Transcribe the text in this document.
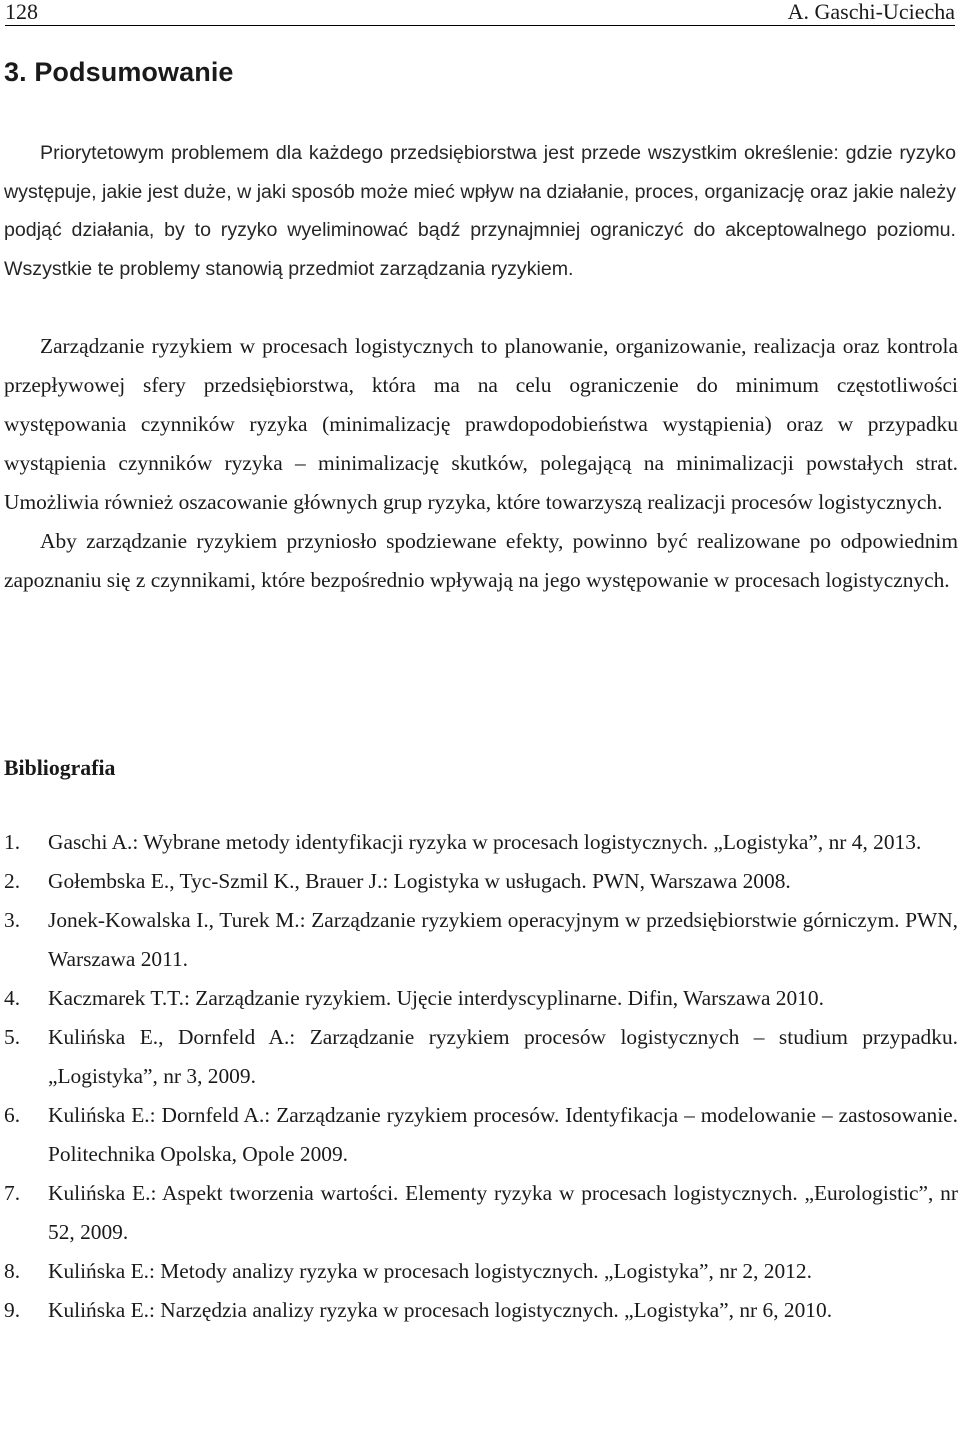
128	A. Gaschi-Uciecha
3. Podsumowanie

Priorytetowym problemem dla każdego przedsiębiorstwa jest przede wszystkim określenie: gdzie ryzyko występuje, jakie jest duże, w jaki sposób może mieć wpływ na działanie, proces, organizację oraz jakie należy podjąć działania, by to ryzyko wyeliminować bądź przynajmniej ograniczyć do akceptowalnego poziomu. Wszystkie te problemy stanowią przedmiot zarządzania ryzykiem.

Zarządzanie ryzykiem w procesach logistycznych to planowanie, organizowanie, realizacja oraz kontrola przepływowej sfery przedsiębiorstwa, która ma na celu ograniczenie do minimum częstotliwości występowania czynników ryzyka (minimalizację prawdopodobieństwa wystąpienia) oraz w przypadku wystąpienia czynników ryzyka – minimalizację skutków, polegającą na minimalizacji powstałych strat. Umożliwia również oszacowanie głównych grup ryzyka, które towarzyszą realizacji procesów logistycznych.

Aby zarządzanie ryzykiem przyniosło spodziewane efekty, powinno być realizowane po odpowiednim zapoznaniu się z czynnikami, które bezpośrednio wpływają na jego występowanie w procesach logistycznych.

Bibliografia
1. Gaschi A.: Wybrane metody identyfikacji ryzyka w procesach logistycznych. „Logistyka”, nr 4, 2013.
2. Gołembska E., Tyc-Szmil K., Brauer J.: Logistyka w usługach. PWN, Warszawa 2008.
3. Jonek-Kowalska I., Turek M.: Zarządzanie ryzykiem operacyjnym w przedsiębiorstwie górniczym. PWN, Warszawa 2011.
4. Kaczmarek T.T.: Zarządzanie ryzykiem. Ujęcie interdyscyplinarne. Difin, Warszawa 2010.
5. Kulińska E., Dornfeld A.: Zarządzanie ryzykiem procesów logistycznych – studium przypadku. „Logistyka”, nr 3, 2009.
6. Kulińska E.: Dornfeld A.: Zarządzanie ryzykiem procesów. Identyfikacja – modelowanie – zastosowanie. Politechnika Opolska, Opole 2009.
7. Kulińska E.: Aspekt tworzenia wartości. Elementy ryzyka w procesach logistycznych. „Eurologistic”, nr 52, 2009.
8. Kulińska E.: Metody analizy ryzyka w procesach logistycznych. „Logistyka”, nr 2, 2012.
9. Kulińska E.: Narzędzia analizy ryzyka w procesach logistycznych. „Logistyka”, nr 6, 2010.
